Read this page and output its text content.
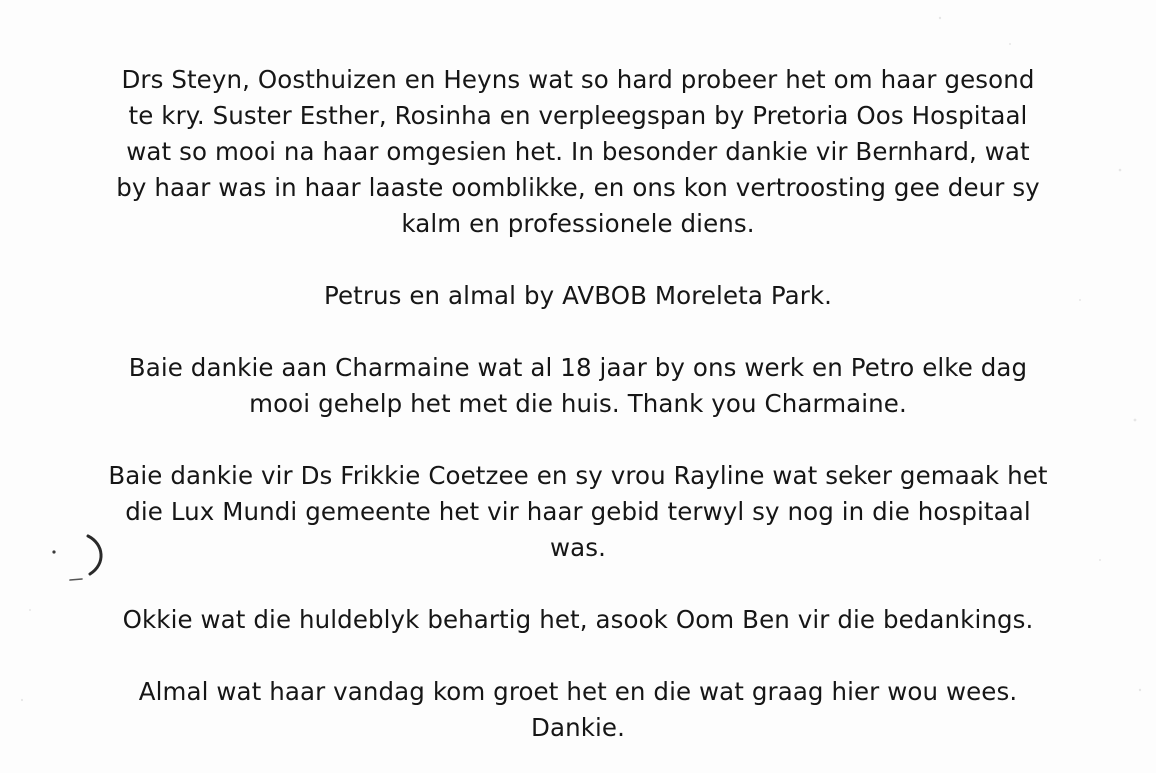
Drs Steyn, Oosthuizen en Heyns wat so hard probeer het om haar gesond
te kry. Suster Esther, Rosinha en verpleegspan by Pretoria Oos Hospitaal
wat so mooi na haar omgesien het. In besonder dankie vir Bernhard, wat
by haar was in haar laaste oomblikke, en ons kon vertroosting gee deur sy
kalm en professionele diens.

Petrus en almal by AVBOB Moreleta Park.

Baie dankie aan Charmaine wat al 18 jaar by ons werk en Petro elke dag
mooi gehelp het met die huis. Thank you Charmaine.

Baie dankie vir Ds Frikkie Coetzee en sy vrou Rayline wat seker gemaak het
die Lux Mundi gemeente het vir haar gebid terwyl sy nog in die hospitaal
was.

Okkie wat die huldeblyk behartig het, asook Oom Ben vir die bedankings.

Almal wat haar vandag kom groet het en die wat graag hier wou wees.
Dankie.
